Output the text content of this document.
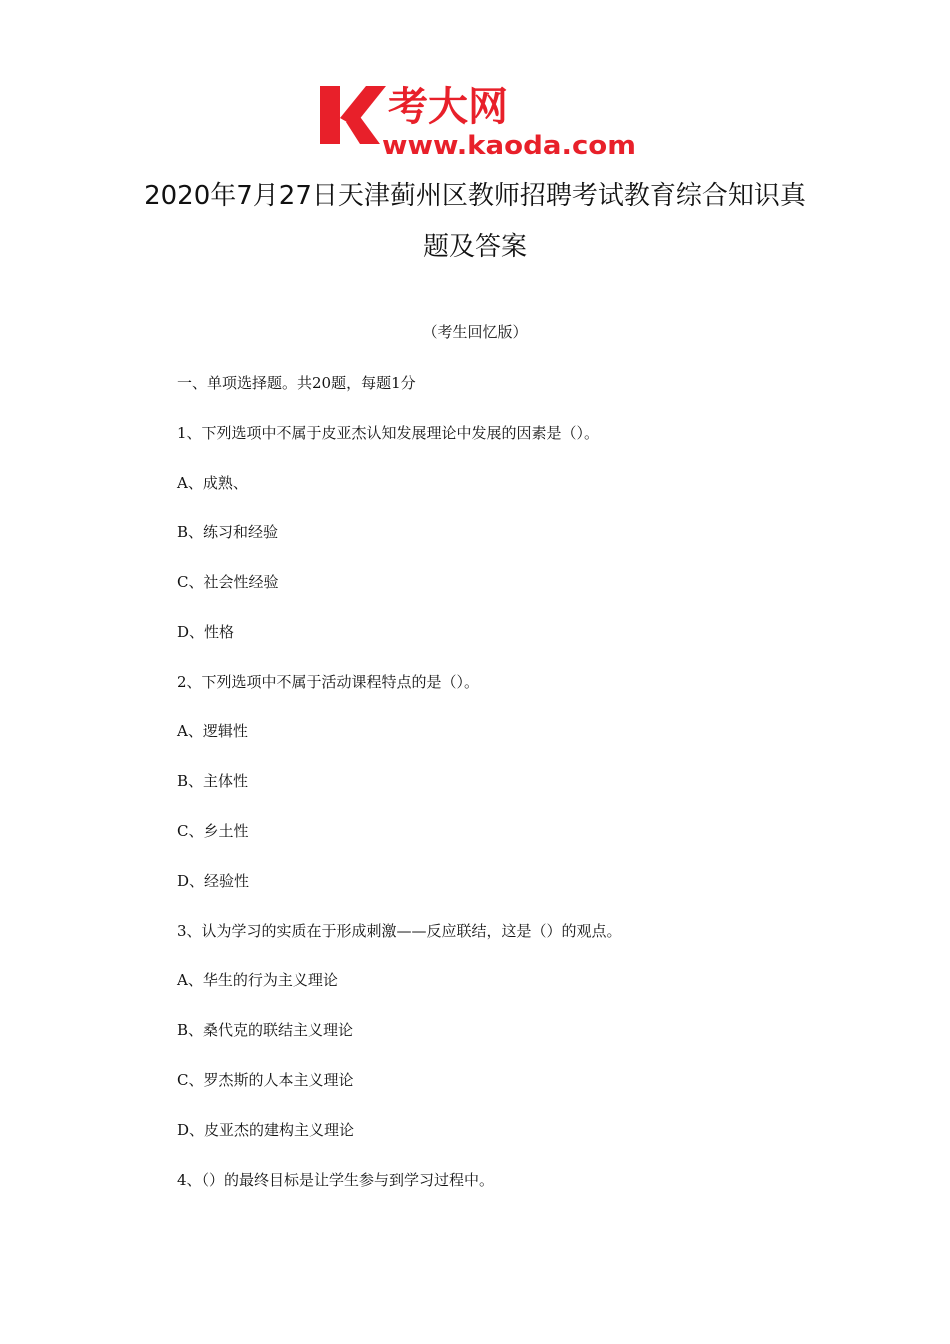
考大网
www.kaoda.com
2020年7月27日天津蓟州区教师招聘考试教育综合知识真
题及答案
（考生回忆版）
一、单项选择题。共20题，每题1分
1、下列选项中不属于皮亚杰认知发展理论中发展的因素是（）。
A、成熟、
B、练习和经验
C、社会性经验
D、性格
2、下列选项中不属于活动课程特点的是（）。
A、逻辑性
B、主体性
C、乡土性
D、经验性
3、认为学习的实质在于形成刺激——反应联结，这是（）的观点。
A、华生的行为主义理论
B、桑代克的联结主义理论
C、罗杰斯的人本主义理论
D、皮亚杰的建构主义理论
4、（）的最终目标是让学生参与到学习过程中。
